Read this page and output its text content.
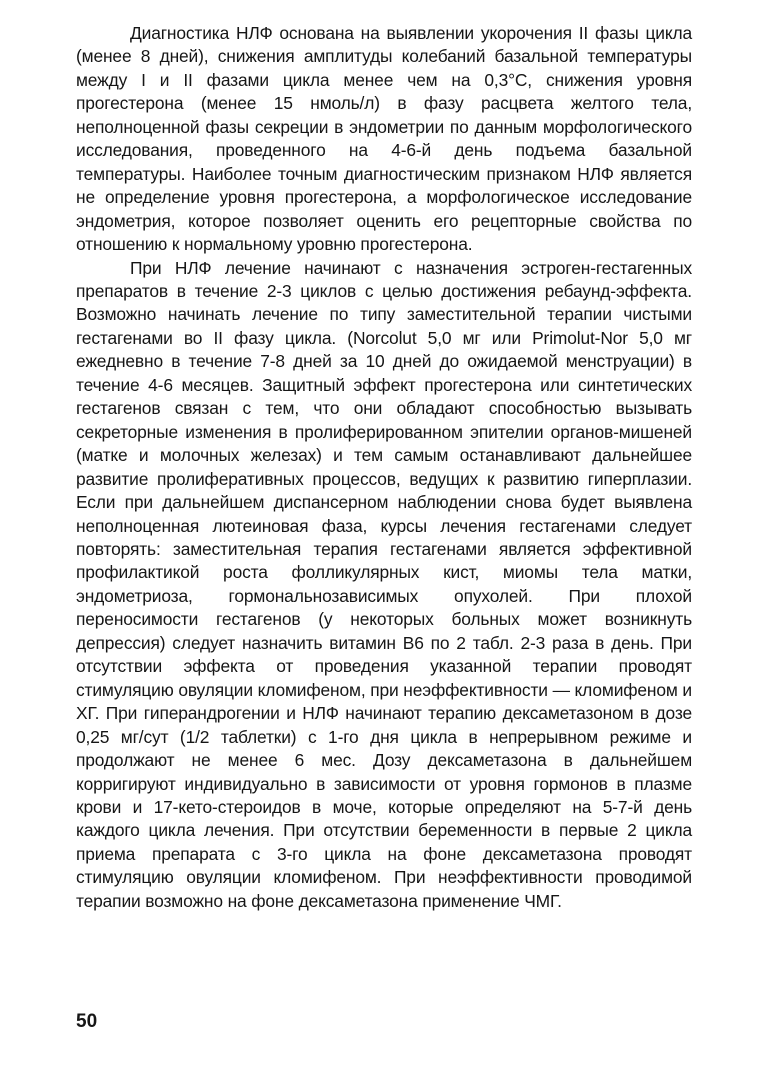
Диагностика НЛФ основана на выявлении укорочения II фазы цикла (менее 8 дней), снижения амплитуды колебаний базальной температуры между I и II фазами цикла менее чем на 0,3°С, снижения уровня прогестерона (менее 15 нмоль/л) в фазу расцвета желтого тела, неполноценной фазы секреции в эндометрии по данным морфологического исследования, проведенного на 4-6-й день подъема базальной температуры. Наиболее точным диагностическим признаком НЛФ является не определение уровня прогестерона, а морфологическое исследование эндометрия, которое позволяет оценить его рецепторные свойства по отношению к нормальному уровню прогестерона.

При НЛФ лечение начинают с назначения эстроген-гестагенных препаратов в течение 2-3 циклов с целью достижения ребаунд-эффекта. Возможно начинать лечение по типу заместительной терапии чистыми гестагенами во II фазу цикла. (Norcolut 5,0 мг или Primolut-Nor 5,0 мг ежедневно в течение 7-8 дней за 10 дней до ожидаемой менструации) в течение 4-6 месяцев. Защитный эффект прогестерона или синтетических гестагенов связан с тем, что они обладают способностью вызывать секреторные изменения в пролиферированном эпителии органов-мишеней (матке и молочных железах) и тем самым останавливают дальнейшее развитие пролиферативных процессов, ведущих к развитию гиперплазии. Если при дальнейшем диспансерном наблюдении снова будет выявлена неполноценная лютеиновая фаза, курсы лечения гестагенами следует повторять: заместительная терапия гестагенами является эффективной профилактикой роста фолликулярных кист, миомы тела матки, эндометриоза, гормональнозависимых опухолей. При плохой переносимости гестагенов (у некоторых больных может возникнуть депрессия) следует назначить витамин В6 по 2 табл. 2-3 раза в день. При отсутствии эффекта от проведения указанной терапии проводят стимуляцию овуляции кломифеном, при неэффективности — кломифеном и ХГ. При гиперандрогении и НЛФ начинают терапию дексаметазоном в дозе 0,25 мг/сут (1/2 таблетки) с 1-го дня цикла в непрерывном режиме и продолжают не менее 6 мес. Дозу дексаметазона в дальнейшем корригируют индивидуально в зависимости от уровня гормонов в плазме крови и 17-кето-стероидов в моче, которые определяют на 5-7-й день каждого цикла лечения. При отсутствии беременности в первые 2 цикла приема препарата с 3-го цикла на фоне дексаметазона проводят стимуляцию овуляции кломифеном. При неэффективности проводимой терапии возможно на фоне дексаметазона применение ЧМГ.

50
